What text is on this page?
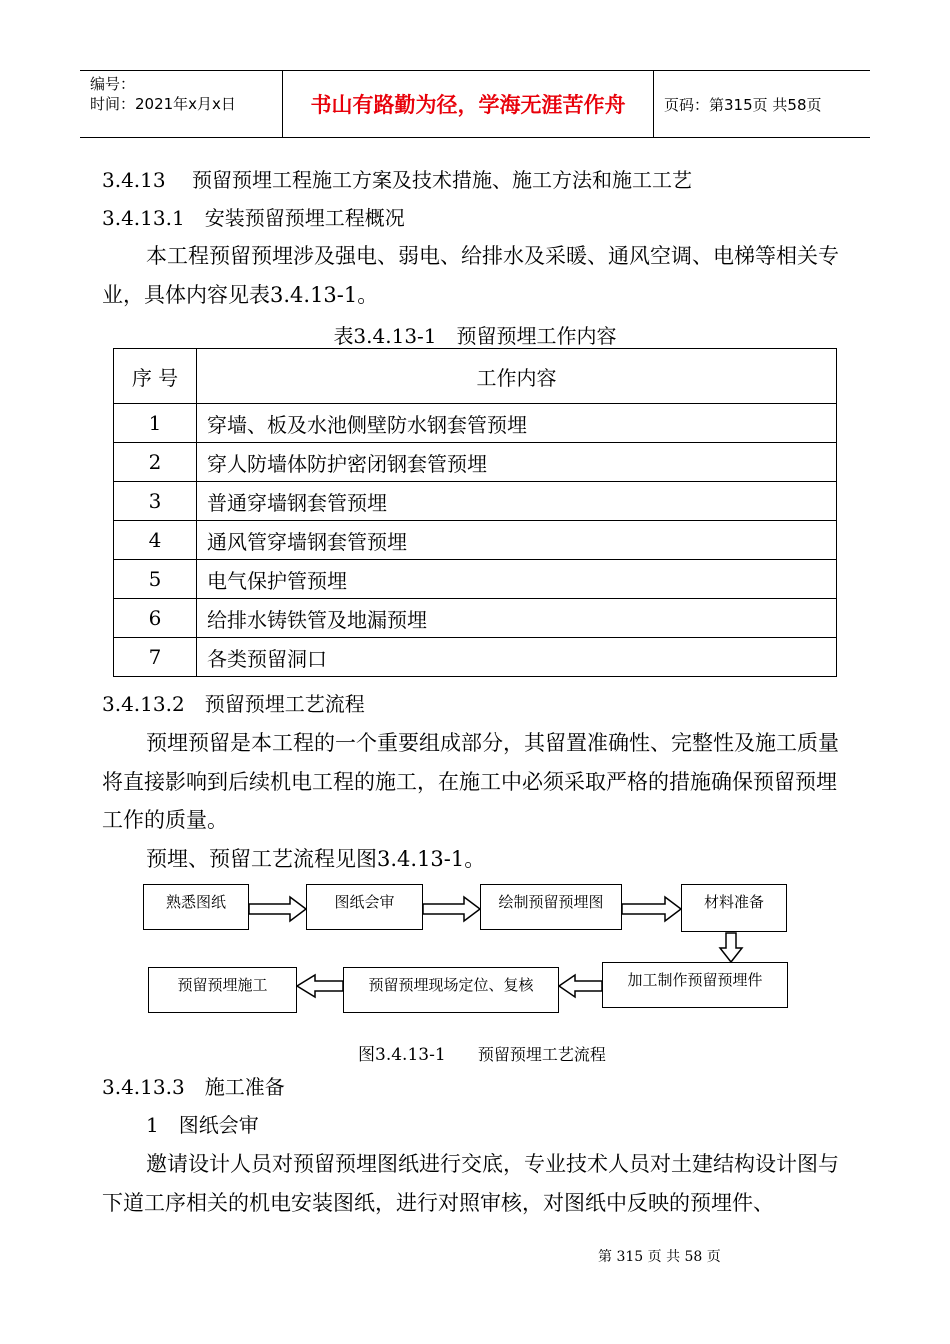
编号：
时间：2021年x月x日	书山有路勤为径，学海无涯苦作舟	页码：第315页 共58页
3.4.13　 预留预埋工程施工方案及技术措施、施工方法和施工工艺
3.4.13.1　安装预留预埋工程概况
本工程预留预埋涉及强电、弱电、给排水及采暖、通风空调、电梯等相关专业，具体内容见表3.4.13-1。
表3.4.13-1　预留预埋工作内容
序 号	工作内容
1	穿墙、板及水池侧壁防水钢套管预埋
2	穿人防墙体防护密闭钢套管预埋
3	普通穿墙钢套管预埋
4	通风管穿墙钢套管预埋
5	电气保护管预埋
6	给排水铸铁管及地漏预埋
7	各类预留洞口
3.4.13.2　预留预埋工艺流程
预埋预留是本工程的一个重要组成部分，其留置准确性、完整性及施工质量将直接影响到后续机电工程的施工，在施工中必须采取严格的措施确保预留预埋工作的质量。
预埋、预留工艺流程见图3.4.13-1。
熟悉图纸	图纸会审	绘制预留预埋图	材料准备
加工制作预留预埋件
预留预埋现场定位、复核
预留预埋施工
图3.4.13-1 预留预埋工艺流程
3.4.13.3　施工准备
1　图纸会审
邀请设计人员对预留预埋图纸进行交底，专业技术人员对土建结构设计图与下道工序相关的机电安装图纸，进行对照审核，对图纸中反映的预埋件、
第 315 页 共 58 页
